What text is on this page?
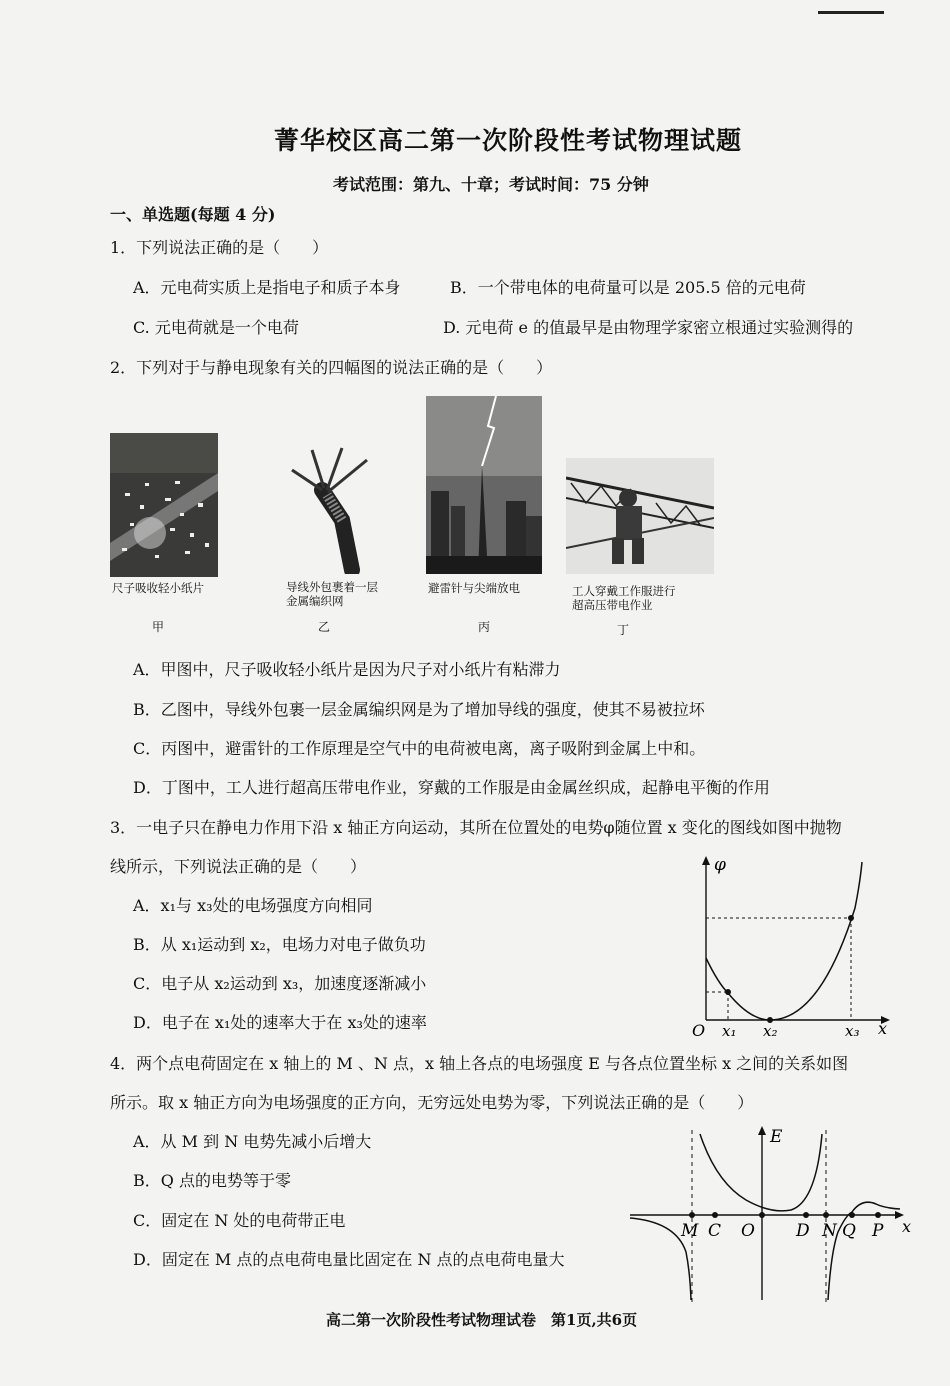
菁华校区高二第一次阶段性考试物理试题
考试范围：第九、十章；考试时间：75 分钟
一、单选题(每题 4 分)
1．下列说法正确的是（　　）
A．元电荷实质上是指电子和质子本身	B．一个带电体的电荷量可以是 205.5 倍的元电荷
C. 元电荷就是一个电荷	D. 元电荷 e 的值最早是由物理学家密立根通过实验测得的
2．下列对于与静电现象有关的四幅图的说法正确的是（　　）
尺子吸收轻小纸片
甲
导线外包裹着一层金属编织网
乙
避雷针与尖端放电
丙
工人穿戴工作服进行超高压带电作业
丁
A．甲图中，尺子吸收轻小纸片是因为尺子对小纸片有粘滞力
B．乙图中，导线外包裹一层金属编织网是为了增加导线的强度，使其不易被拉坏
C．丙图中，避雷针的工作原理是空气中的电荷被电离，离子吸附到金属上中和。
D．丁图中，工人进行超高压带电作业，穿戴的工作服是由金属丝织成，起静电平衡的作用
3．一电子只在静电力作用下沿 x 轴正方向运动，其所在位置处的电势φ随位置 x 变化的图线如图中抛物
线所示，下列说法正确的是（　　）
A．x₁与 x₃处的电场强度方向相同
B．从 x₁运动到 x₂，电场力对电子做负功
C．电子从 x₂运动到 x₃，加速度逐渐减小
D．电子在 x₁处的速率大于在 x₃处的速率
φ
x
O x₁ x₂	x₃
4．两个点电荷固定在 x 轴上的 M 、N 点，x 轴上各点的电场强度 E 与各点位置坐标 x 之间的关系如图
所示。取 x 轴正方向为电场强度的正方向，无穷远处电势为零，下列说法正确的是（　　）
A．从 M 到 N 电势先减小后增大
B．Q 点的电势等于零
C．固定在 N 处的电荷带正电
D．固定在 M 点的点电荷电量比固定在 N 点的点电荷电量大
E
x
M C O D N Q P
高二第一次阶段性考试物理试卷　第1页,共6页
